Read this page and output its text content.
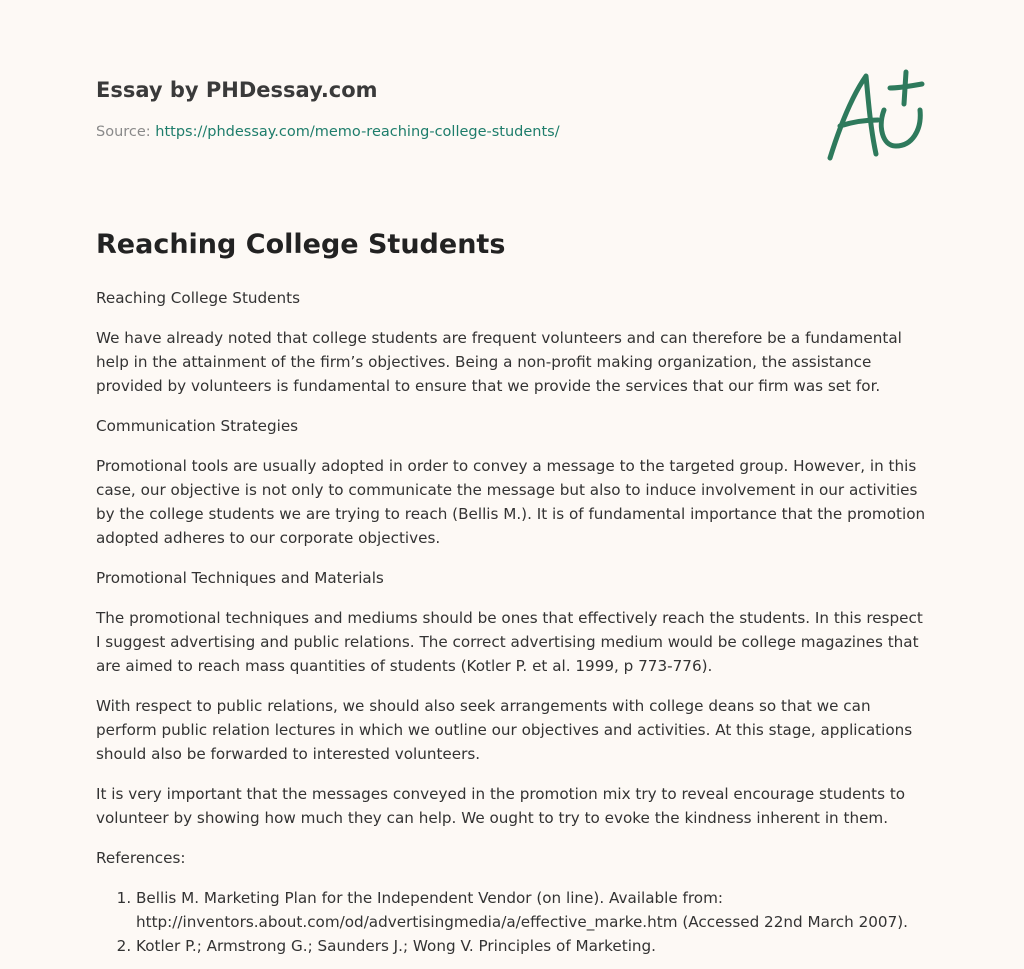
Essay by PHDessay.com
Source: https://phdessay.com/memo-reaching-college-students/
Reaching College Students

Reaching College Students

We have already noted that college students are frequent volunteers and can therefore be a fundamental help in the attainment of the firm’s objectives. Being a non-profit making organization, the assistance provided by volunteers is fundamental to ensure that we provide the services that our firm was set for.

Communication Strategies

Promotional tools are usually adopted in order to convey a message to the targeted group. However, in this case, our objective is not only to communicate the message but also to induce involvement in our activities by the college students we are trying to reach (Bellis M.). It is of fundamental importance that the promotion adopted adheres to our corporate objectives.

Promotional Techniques and Materials

The promotional techniques and mediums should be ones that effectively reach the students. In this respect I suggest advertising and public relations. The correct advertising medium would be college magazines that are aimed to reach mass quantities of students (Kotler P. et al. 1999, p 773-776).

With respect to public relations, we should also seek arrangements with college deans so that we can perform public relation lectures in which we outline our objectives and activities. At this stage, applications should also be forwarded to interested volunteers.

It is very important that the messages conveyed in the promotion mix try to reveal encourage students to volunteer by showing how much they can help. We ought to try to evoke the kindness inherent in them.

References:

1. Bellis M. Marketing Plan for the Independent Vendor (on line). Available from: http://inventors.about.com/od/advertisingmedia/a/effective_marke.htm (Accessed 22nd March 2007).
2. Kotler P.; Armstrong G.; Saunders J.; Wong V. Principles of Marketing.
